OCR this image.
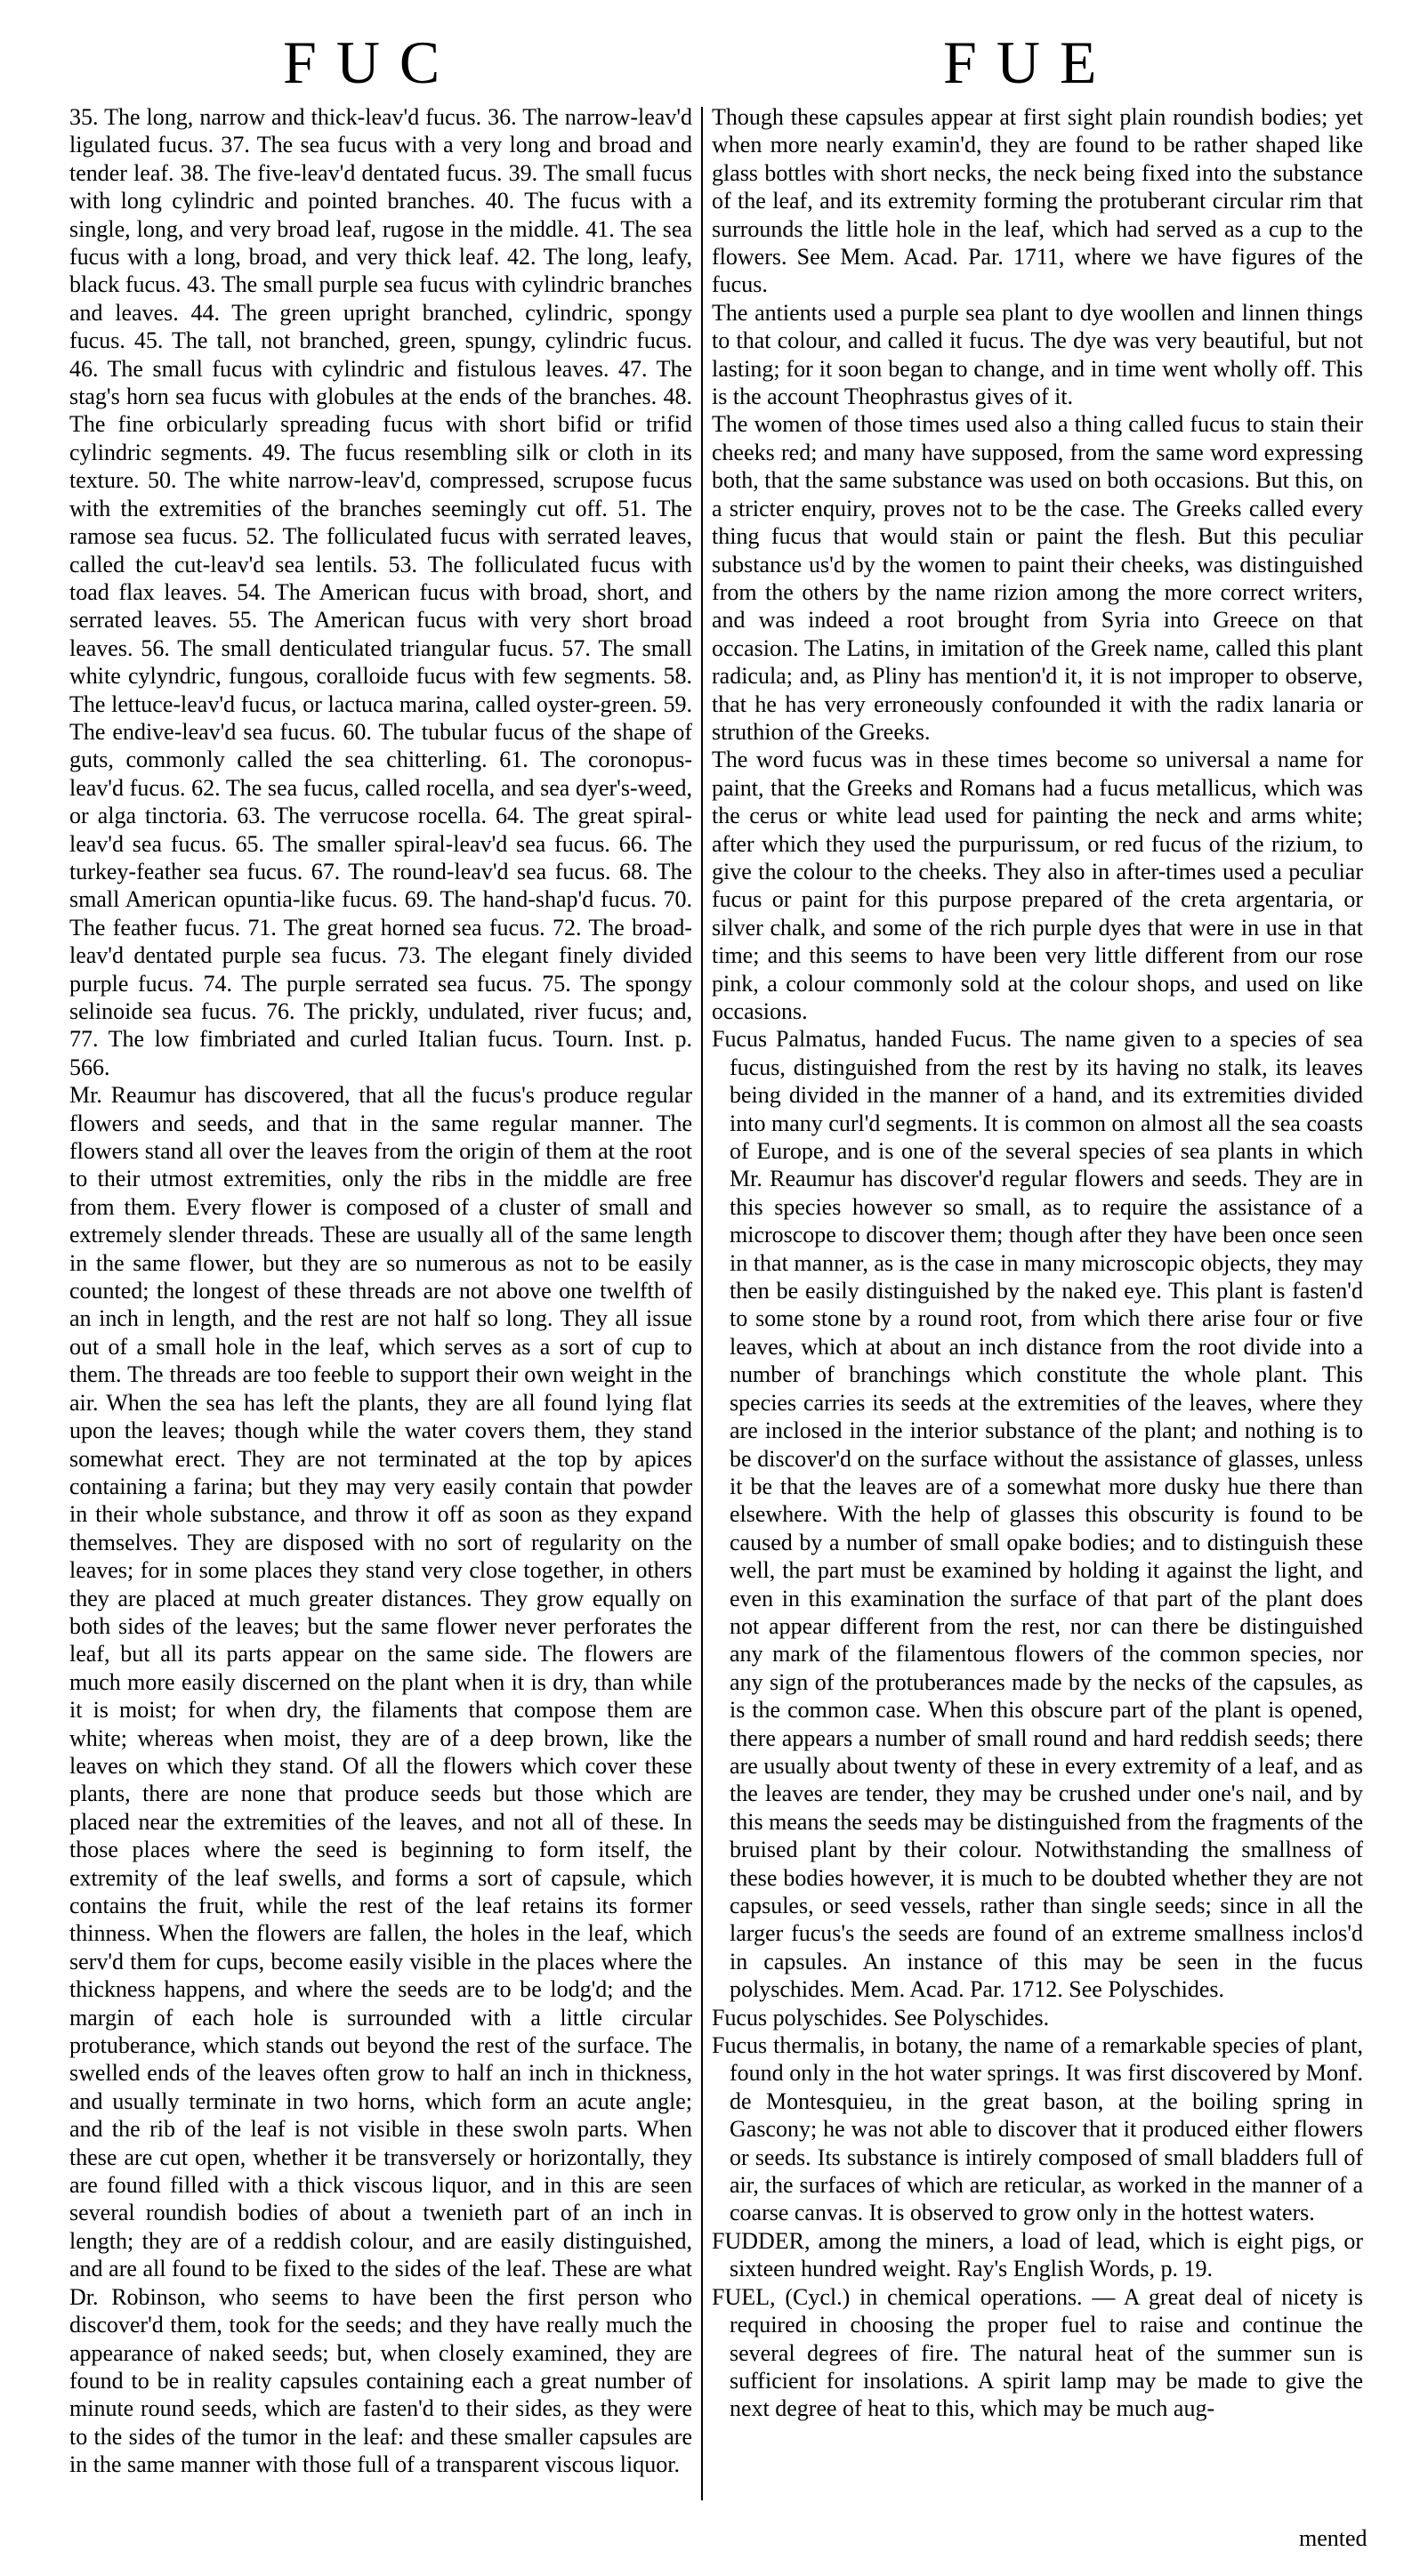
FUC	FUE

35. The long, narrow and thick-leav'd fucus. 36. The narrow-leav'd ligulated fucus. 37. The sea fucus with a very long and broad and tender leaf. 38. The five-leav'd dentated fucus. 39. The small fucus with long cylindric and pointed branches. 40. The fucus with a single, long, and very broad leaf, rugose in the middle. 41. The sea fucus with a long, broad, and very thick leaf. 42. The long, leafy, black fucus. 43. The small purple sea fucus with cylindric branches and leaves. 44. The green upright branched, cylindric, spongy fucus. 45. The tall, not branched, green, spungy, cylindric fucus. 46. The small fucus with cylindric and fistulous leaves. 47. The stag's horn sea fucus with globules at the ends of the branches. 48. The fine orbicularly spreading fucus with short bifid or trifid cylindric segments. 49. The fucus resembling silk or cloth in its texture. 50. The white narrow-leav'd, compressed, scrupose fucus with the extremities of the branches seemingly cut off. 51. The ramose sea fucus. 52. The folliculated fucus with serrated leaves, called the cut-leav'd sea lentils. 53. The folliculated fucus with toad flax leaves. 54. The American fucus with broad, short, and serrated leaves. 55. The American fucus with very short broad leaves. 56. The small denticulated triangular fucus. 57. The small white cylyndric, fungous, coralloide fucus with few segments. 58. The lettuce-leav'd fucus, or lactuca marina, called oyster-green. 59. The endive-leav'd sea fucus. 60. The tubular fucus of the shape of guts, commonly called the sea chitterling. 61. The coronopus-leav'd fucus. 62. The sea fucus, called rocella, and sea dyer's-weed, or alga tinctoria. 63. The verrucose rocella. 64. The great spiral-leav'd sea fucus. 65. The smaller spiral-leav'd sea fucus. 66. The turkey-feather sea fucus. 67. The round-leav'd sea fucus. 68. The small American opuntia-like fucus. 69. The hand-shap'd fucus. 70. The feather fucus. 71. The great horned sea fucus. 72. The broad-leav'd dentated purple sea fucus. 73. The elegant finely divided purple fucus. 74. The purple serrated sea fucus. 75. The spongy selinoide sea fucus. 76. The prickly, undulated, river fucus; and, 77. The low fimbriated and curled Italian fucus. Tourn. Inst. p. 566.

Mr. Reaumur has discovered, that all the fucus's produce regular flowers and seeds, and that in the same regular manner. The flowers stand all over the leaves from the origin of them at the root to their utmost extremities, only the ribs in the middle are free from them. Every flower is composed of a cluster of small and extremely slender threads. These are usually all of the same length in the same flower, but they are so numerous as not to be easily counted; the longest of these threads are not above one twelfth of an inch in length, and the rest are not half so long. They all issue out of a small hole in the leaf, which serves as a sort of cup to them. The threads are too feeble to support their own weight in the air. When the sea has left the plants, they are all found lying flat upon the leaves; though while the water covers them, they stand somewhat erect. They are not terminated at the top by apices containing a farina; but they may very easily contain that powder in their whole substance, and throw it off as soon as they expand themselves. They are disposed with no sort of regularity on the leaves; for in some places they stand very close together, in others they are placed at much greater distances. They grow equally on both sides of the leaves; but the same flower never perforates the leaf, but all its parts appear on the same side. The flowers are much more easily discerned on the plant when it is dry, than while it is moist; for when dry, the filaments that compose them are white; whereas when moist, they are of a deep brown, like the leaves on which they stand. Of all the flowers which cover these plants, there are none that produce seeds but those which are placed near the extremities of the leaves, and not all of these. In those places where the seed is beginning to form itself, the extremity of the leaf swells, and forms a sort of capsule, which contains the fruit, while the rest of the leaf retains its former thinness. When the flowers are fallen, the holes in the leaf, which serv'd them for cups, become easily visible in the places where the thickness happens, and where the seeds are to be lodg'd; and the margin of each hole is surrounded with a little circular protuberance, which stands out beyond the rest of the surface. The swelled ends of the leaves often grow to half an inch in thickness, and usually terminate in two horns, which form an acute angle; and the rib of the leaf is not visible in these swoln parts. When these are cut open, whether it be transversely or horizontally, they are found filled with a thick viscous liquor, and in this are seen several roundish bodies of about a twenieth part of an inch in length; they are of a reddish colour, and are easily distinguished, and are all found to be fixed to the sides of the leaf. These are what Dr. Robinson, who seems to have been the first person who discover'd them, took for the seeds; and they have really much the appearance of naked seeds; but, when closely examined, they are found to be in reality capsules containing each a great number of minute round seeds, which are fasten'd to their sides, as they were to the sides of the tumor in the leaf: and these smaller capsules are in the same manner with those full of a transparent viscous liquor.

Though these capsules appear at first sight plain roundish bodies; yet when more nearly examin'd, they are found to be rather shaped like glass bottles with short necks, the neck being fixed into the substance of the leaf, and its extremity forming the protuberant circular rim that surrounds the little hole in the leaf, which had served as a cup to the flowers. See Mem. Acad. Par. 1711, where we have figures of the fucus.

The antients used a purple sea plant to dye woollen and linnen things to that colour, and called it fucus. The dye was very beautiful, but not lasting; for it soon began to change, and in time went wholly off. This is the account Theophrastus gives of it.

The women of those times used also a thing called fucus to stain their cheeks red; and many have supposed, from the same word expressing both, that the same substance was used on both occasions. But this, on a stricter enquiry, proves not to be the case. The Greeks called every thing fucus that would stain or paint the flesh. But this peculiar substance us'd by the women to paint their cheeks, was distinguished from the others by the name rizion among the more correct writers, and was indeed a root brought from Syria into Greece on that occasion. The Latins, in imitation of the Greek name, called this plant radicula; and, as Pliny has mention'd it, it is not improper to observe, that he has very erroneously confounded it with the radix lanaria or struthion of the Greeks.

The word fucus was in these times become so universal a name for paint, that the Greeks and Romans had a fucus metallicus, which was the cerus or white lead used for painting the neck and arms white; after which they used the purpurissum, or red fucus of the rizium, to give the colour to the cheeks. They also in after-times used a peculiar fucus or paint for this purpose prepared of the creta argentaria, or silver chalk, and some of the rich purple dyes that were in use in that time; and this seems to have been very little different from our rose pink, a colour commonly sold at the colour shops, and used on like occasions.

Fucus Palmatus, handed Fucus. The name given to a species of sea fucus, distinguished from the rest by its having no stalk, its leaves being divided in the manner of a hand, and its extremities divided into many curl'd segments. It is common on almost all the sea coasts of Europe, and is one of the several species of sea plants in which Mr. Reaumur has discover'd regular flowers and seeds. They are in this species however so small, as to require the assistance of a microscope to discover them; though after they have been once seen in that manner, as is the case in many microscopic objects, they may then be easily distinguished by the naked eye. This plant is fasten'd to some stone by a round root, from which there arise four or five leaves, which at about an inch distance from the root divide into a number of branchings which constitute the whole plant. This species carries its seeds at the extremities of the leaves, where they are inclosed in the interior substance of the plant; and nothing is to be discover'd on the surface without the assistance of glasses, unless it be that the leaves are of a somewhat more dusky hue there than elsewhere. With the help of glasses this obscurity is found to be caused by a number of small opake bodies; and to distinguish these well, the part must be examined by holding it against the light, and even in this examination the surface of that part of the plant does not appear different from the rest, nor can there be distinguished any mark of the filamentous flowers of the common species, nor any sign of the protuberances made by the necks of the capsules, as is the common case. When this obscure part of the plant is opened, there appears a number of small round and hard reddish seeds; there are usually about twenty of these in every extremity of a leaf, and as the leaves are tender, they may be crushed under one's nail, and by this means the seeds may be distinguished from the fragments of the bruised plant by their colour. Notwithstanding the smallness of these bodies however, it is much to be doubted whether they are not capsules, or seed vessels, rather than single seeds; since in all the larger fucus's the seeds are found of an extreme smallness inclos'd in capsules. An instance of this may be seen in the fucus polyschides. Mem. Acad. Par. 1712. See Polyschides.

Fucus polyschides. See Polyschides.

Fucus thermalis, in botany, the name of a remarkable species of plant, found only in the hot water springs. It was first discovered by Monf. de Montesquieu, in the great bason, at the boiling spring in Gascony; he was not able to discover that it produced either flowers or seeds. Its substance is intirely composed of small bladders full of air, the surfaces of which are reticular, as worked in the manner of a coarse canvas. It is observed to grow only in the hottest waters.

FUDDER, among the miners, a load of lead, which is eight pigs, or sixteen hundred weight. Ray's English Words, p. 19.

FUEL, (Cycl.) in chemical operations. — A great deal of nicety is required in choosing the proper fuel to raise and continue the several degrees of fire. The natural heat of the summer sun is sufficient for insolations. A spirit lamp may be made to give the next degree of heat to this, which may be much aug-

mented
